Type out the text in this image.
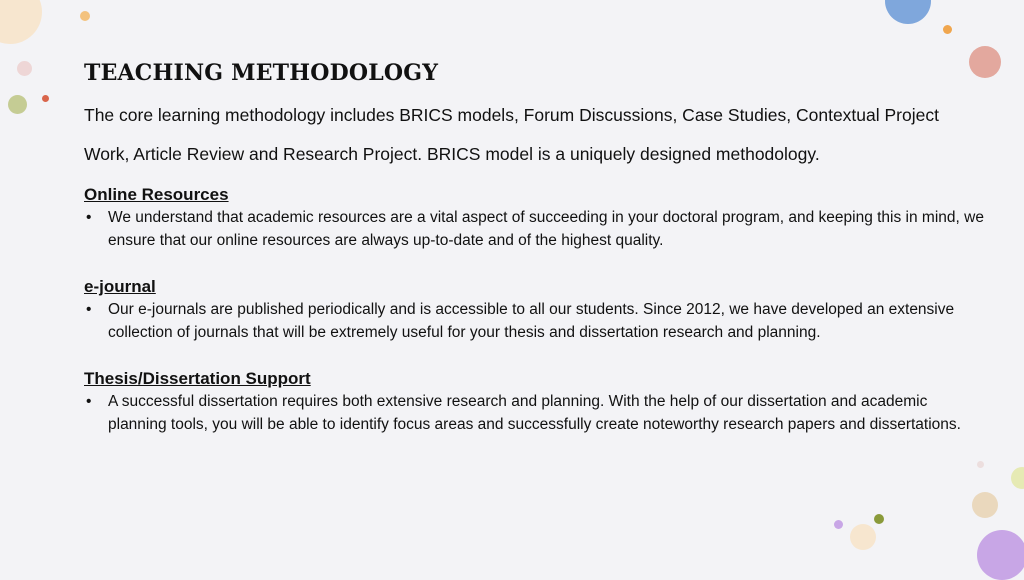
TEACHING METHODOLOGY

The core learning methodology includes BRICS models, Forum Discussions, Case Studies, Contextual Project Work, Article Review and Research Project. BRICS model is a uniquely designed methodology.

Online Resources

• We understand that academic resources are a vital aspect of succeeding in your doctoral program, and keeping this in mind, we ensure that our online resources are always up-to-date and of the highest quality.

e-journal

• Our e-journals are published periodically and is accessible to all our students. Since 2012, we have developed an extensive collection of journals that will be extremely useful for your thesis and dissertation research and planning.

Thesis/Dissertation Support

• A successful dissertation requires both extensive research and planning. With the help of our dissertation and academic planning tools, you will be able to identify focus areas and successfully create noteworthy research papers and dissertations.
